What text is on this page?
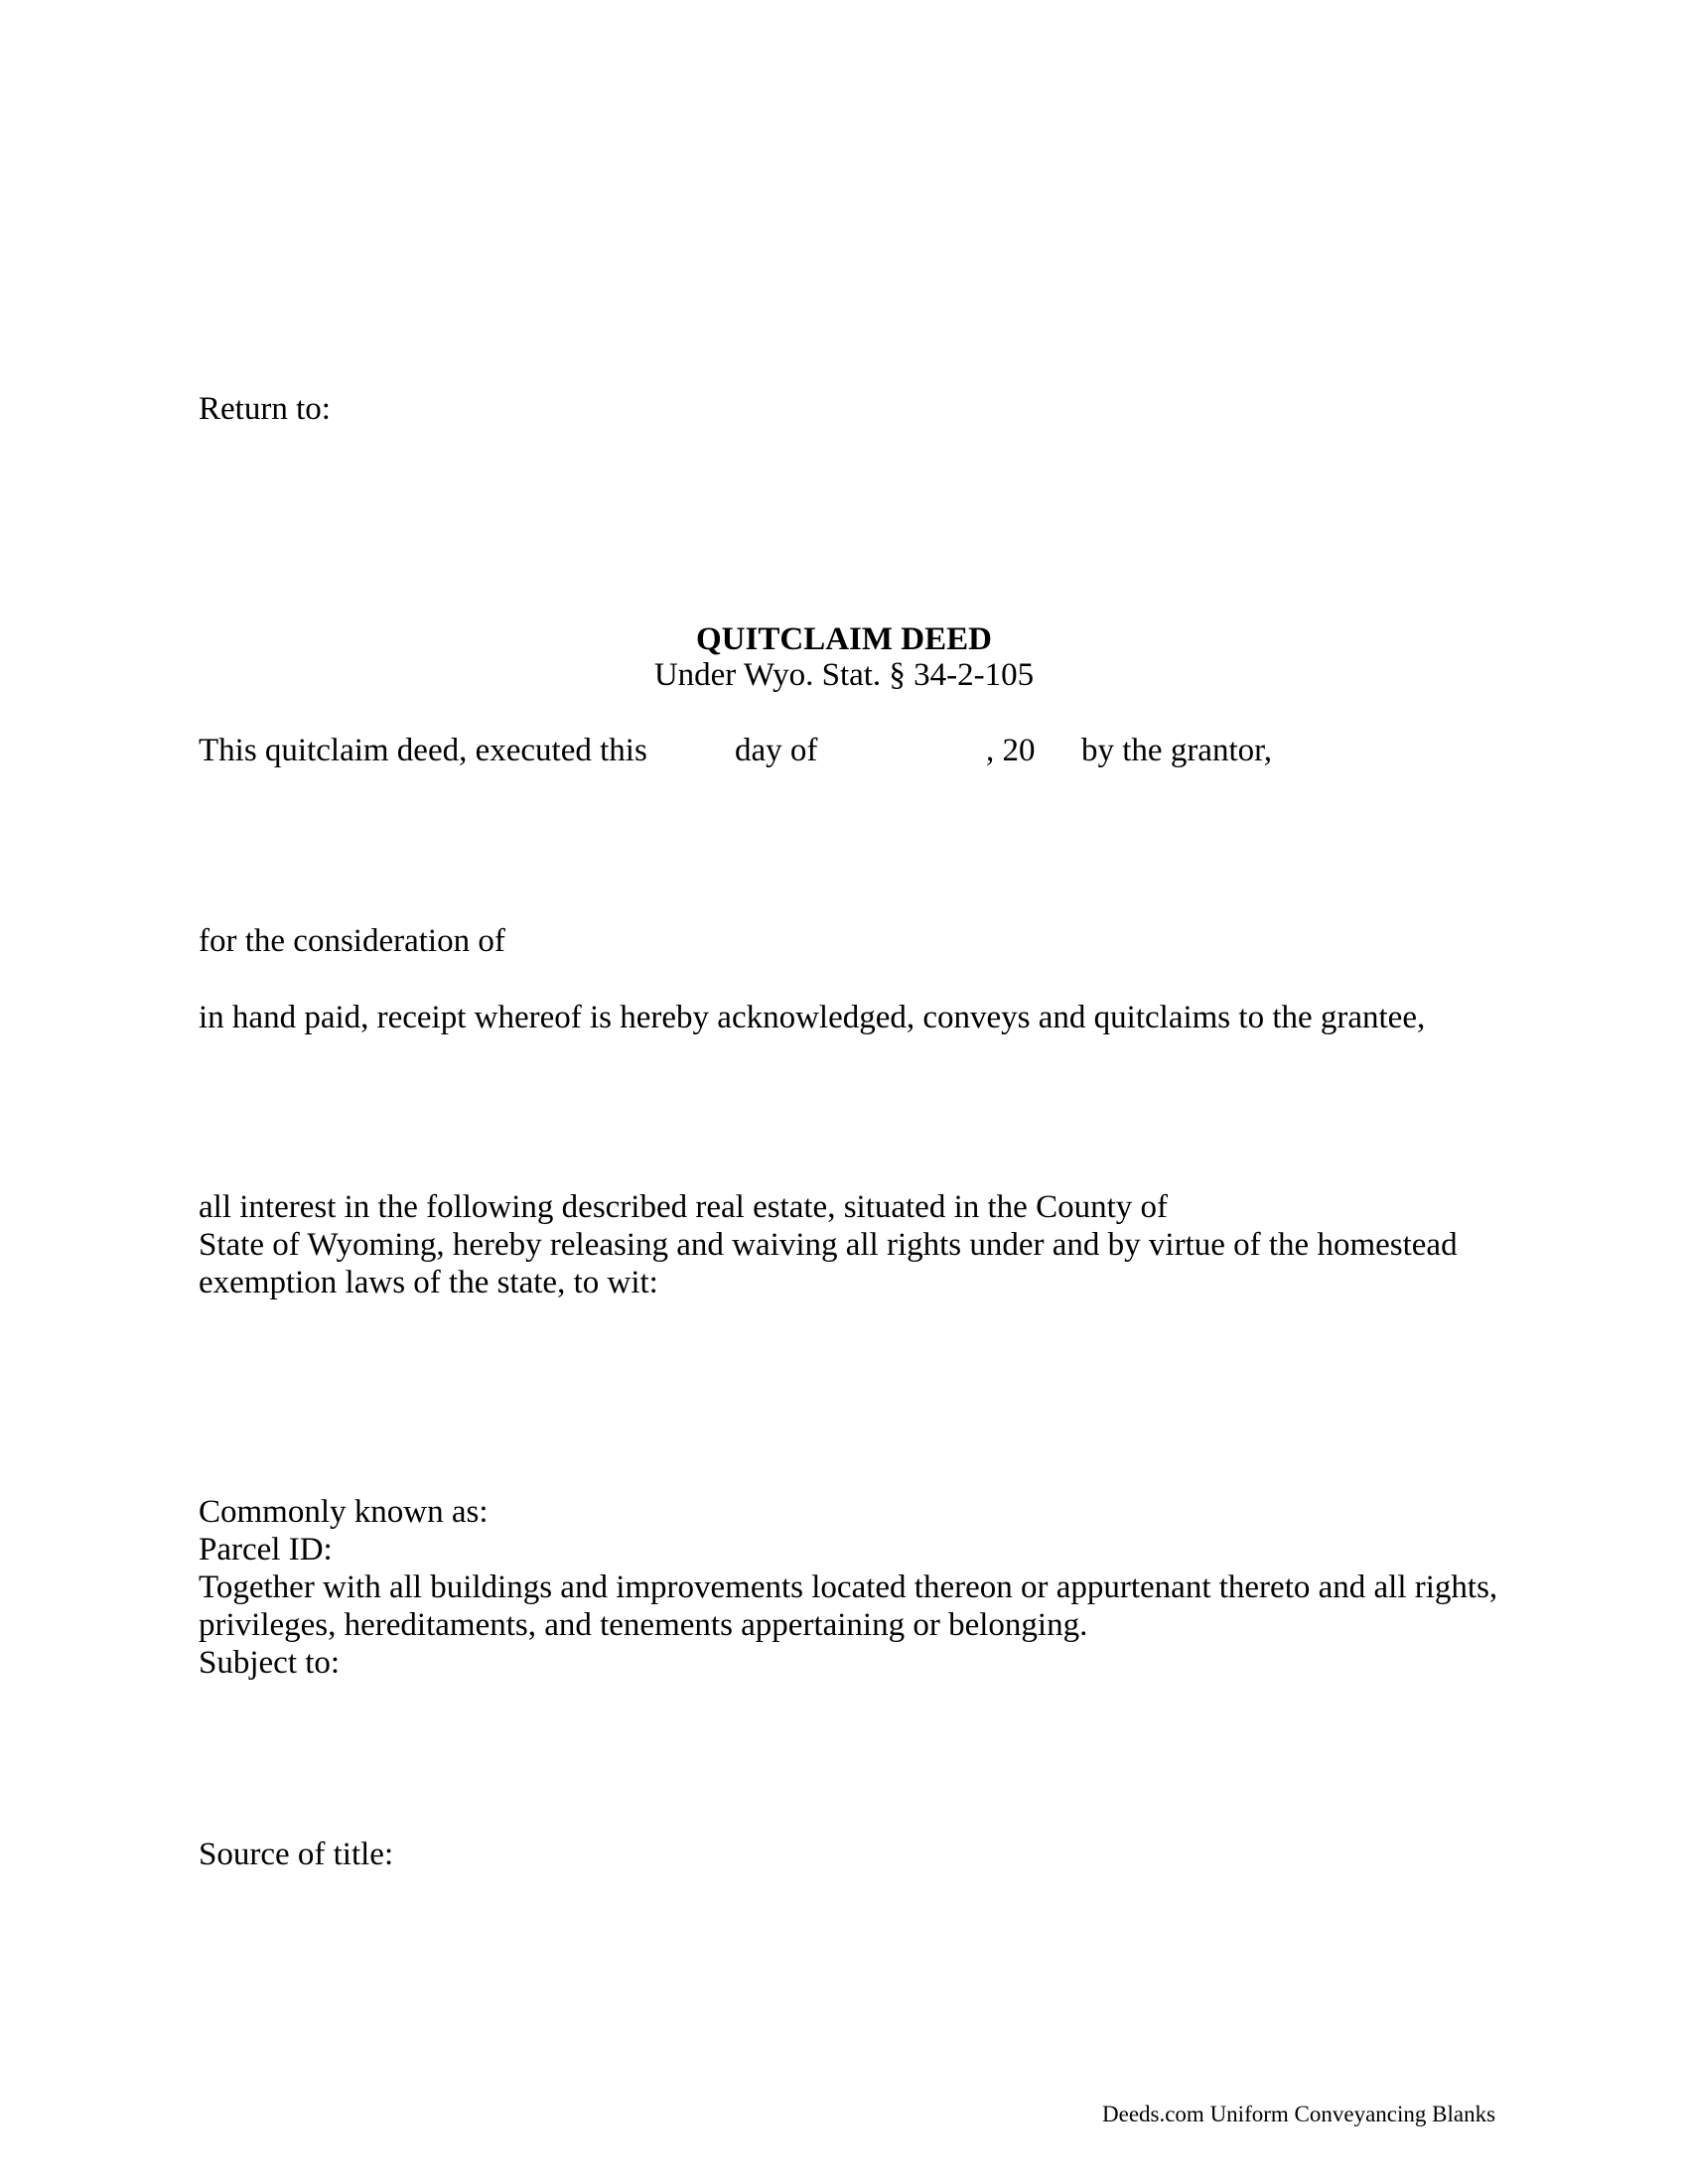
Return to:
QUITCLAIM DEED
Under Wyo. Stat. § 34-2-105
This quitclaim deed, executed this	day of	, 20 by the grantor,
for the consideration of
in hand paid, receipt whereof is hereby acknowledged, conveys and quitclaims to the grantee,
all interest in the following described real estate, situated in the County of
State of Wyoming, hereby releasing and waiving all rights under and by virtue of the homestead
exemption laws of the state, to wit:
Commonly known as:
Parcel ID:
Together with all buildings and improvements located thereon or appurtenant thereto and all rights,
privileges, hereditaments, and tenements appertaining or belonging.
Subject to:
Source of title:
Deeds.com Uniform Conveyancing Blanks
